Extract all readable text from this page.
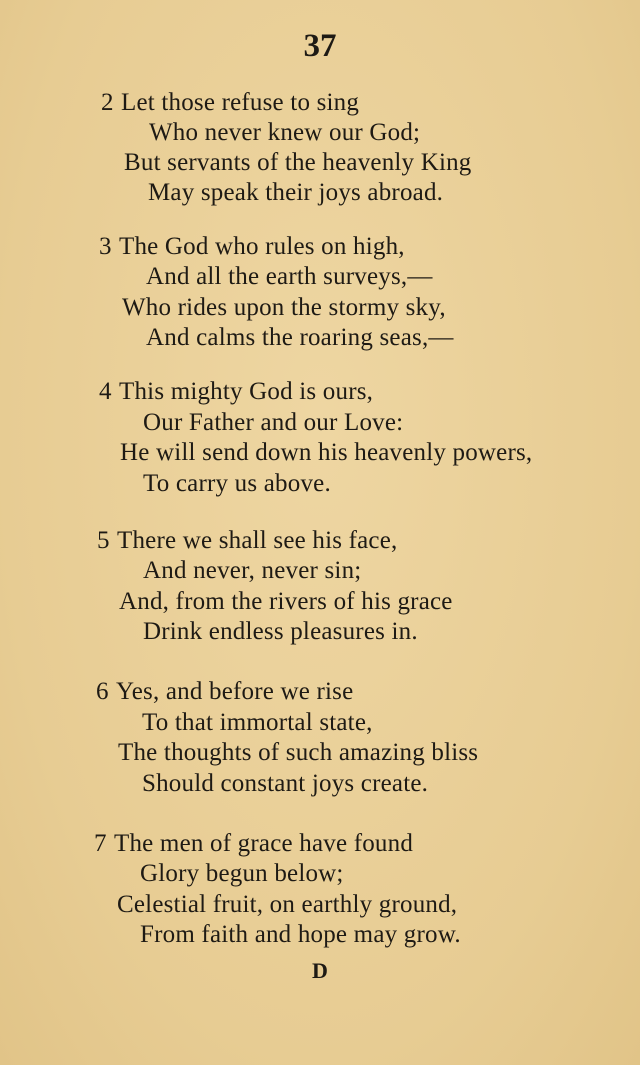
37
2 Let those refuse to sing
Who never knew our God;
But servants of the heavenly King
May speak their joys abroad.
3 The God who rules on high,
And all the earth surveys,—
Who rides upon the stormy sky,
And calms the roaring seas,—
4 This mighty God is ours,
Our Father and our Love:
He will send down his heavenly powers,
To carry us above.
5 There we shall see his face,
And never, never sin;
And, from the rivers of his grace
Drink endless pleasures in.
6 Yes, and before we rise
To that immortal state,
The thoughts of such amazing bliss
Should constant joys create.
7 The men of grace have found
Glory begun below;
Celestial fruit, on earthly ground,
From faith and hope may grow.
D
